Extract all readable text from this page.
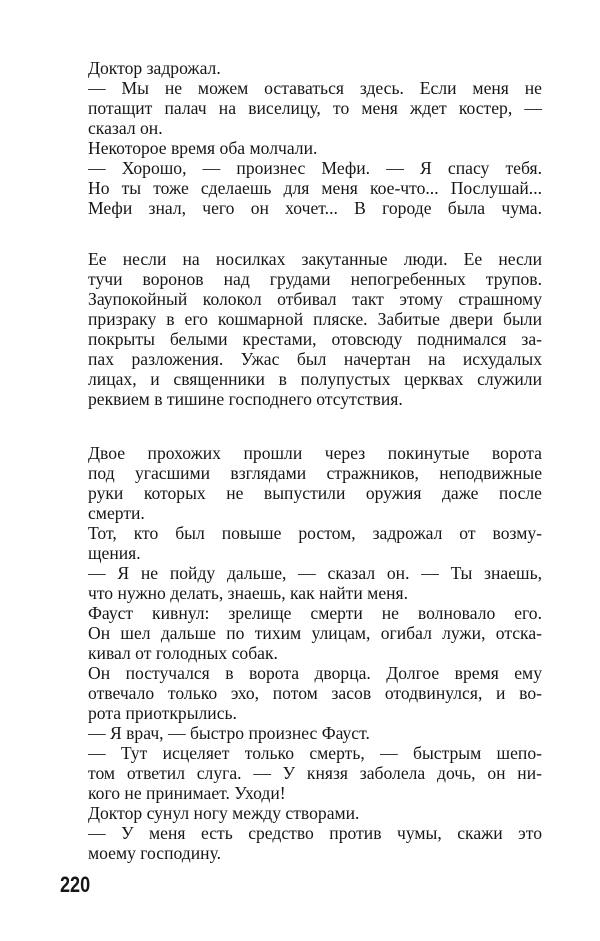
Доктор задрожал.
— Мы не можем оставаться здесь. Если меня не
потащит палач на виселицу, то меня ждет костер, —
сказал он.
Некоторое время оба молчали.
— Хорошо, — произнес Мефи. — Я спасу тебя.
Но ты тоже сделаешь для меня кое-что... Послушай...
Мефи знал, чего он хочет... В городе была чума.
Ее несли на носилках закутанные люди. Ее несли
тучи воронов над грудами непогребенных трупов.
Заупокойный колокол отбивал такт этому страшному
призраку в его кошмарной пляске. Забитые двери были
покрыты белыми крестами, отовсюду поднимался за-
пах разложения. Ужас был начертан на исхудалых
лицах, и священники в полупустых церквах служили
реквием в тишине господнего отсутствия.
Двое прохожих прошли через покинутые ворота
под угасшими взглядами стражников, неподвижные
руки которых не выпустили оружия даже после
смерти.
Тот, кто был повыше ростом, задрожал от возму-
щения.
— Я не пойду дальше, — сказал он. — Ты знаешь,
что нужно делать, знаешь, как найти меня.
Фауст кивнул: зрелище смерти не волновало его.
Он шел дальше по тихим улицам, огибал лужи, отска-
кивал от голодных собак.
Он постучался в ворота дворца. Долгое время ему
отвечало только эхо, потом засов отодвинулся, и во-
рота приоткрылись.
— Я врач, — быстро произнес Фауст.
— Тут исцеляет только смерть, — быстрым шепо-
том ответил слуга. — У князя заболела дочь, он ни-
кого не принимает. Уходи!
Доктор сунул ногу между створами.
— У меня есть средство против чумы, скажи это
моему господину.
220
